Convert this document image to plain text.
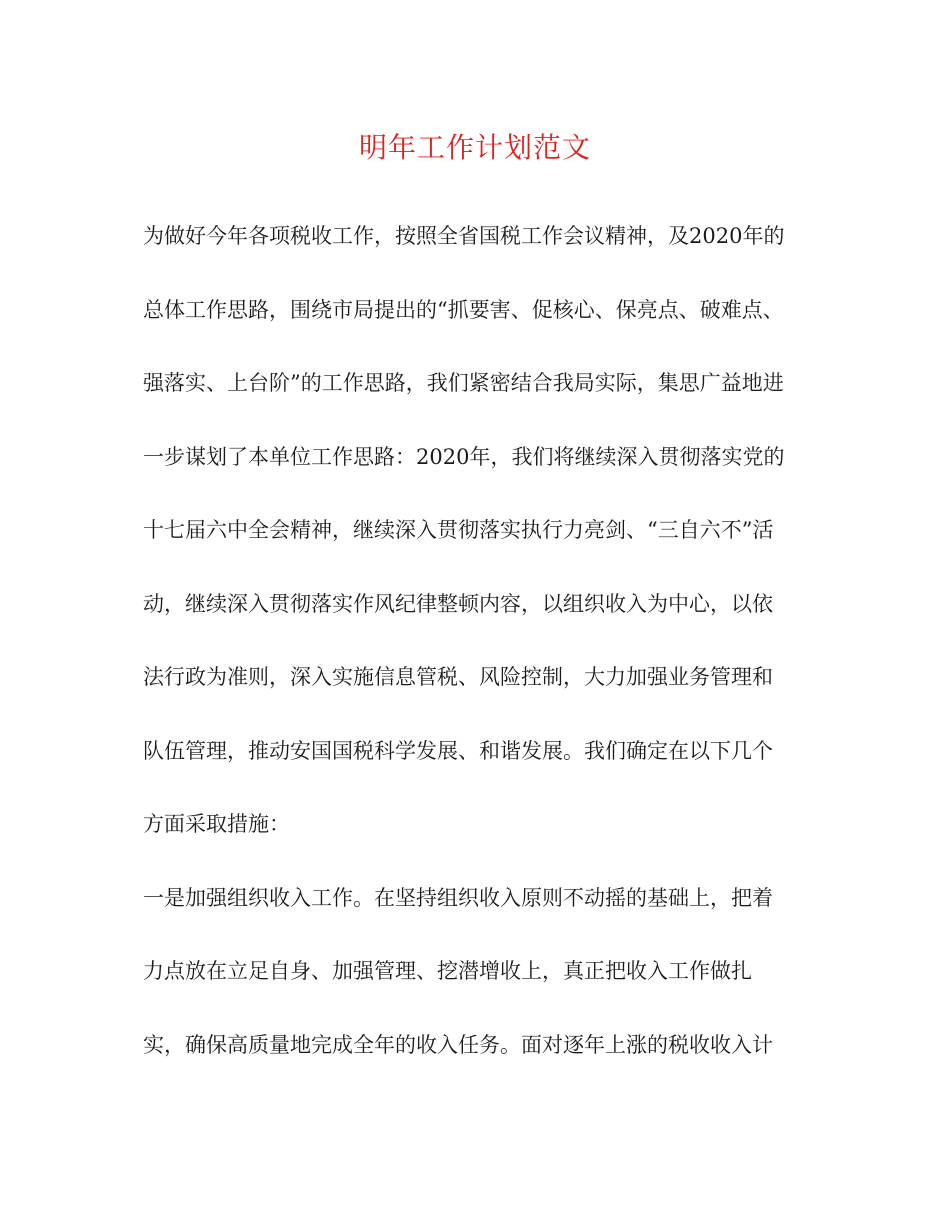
明年工作计划范文
为做好今年各项税收工作，按照全省国税工作会议精神，及2020年的
总体工作思路，围绕市局提出的“抓要害、促核心、保亮点、破难点、
强落实、上台阶”的工作思路，我们紧密结合我局实际，集思广益地进
一步谋划了本单位工作思路：2020年，我们将继续深入贯彻落实党的
十七届六中全会精神，继续深入贯彻落实执行力亮剑、“三自六不”活
动，继续深入贯彻落实作风纪律整顿内容，以组织收入为中心，以依
法行政为准则，深入实施信息管税、风险控制，大力加强业务管理和
队伍管理，推动安国国税科学发展、和谐发展。我们确定在以下几个
方面采取措施：
一是加强组织收入工作。在坚持组织收入原则不动摇的基础上，把着
力点放在立足自身、加强管理、挖潜增收上，真正把收入工作做扎
实，确保高质量地完成全年的收入任务。面对逐年上涨的税收收入计
